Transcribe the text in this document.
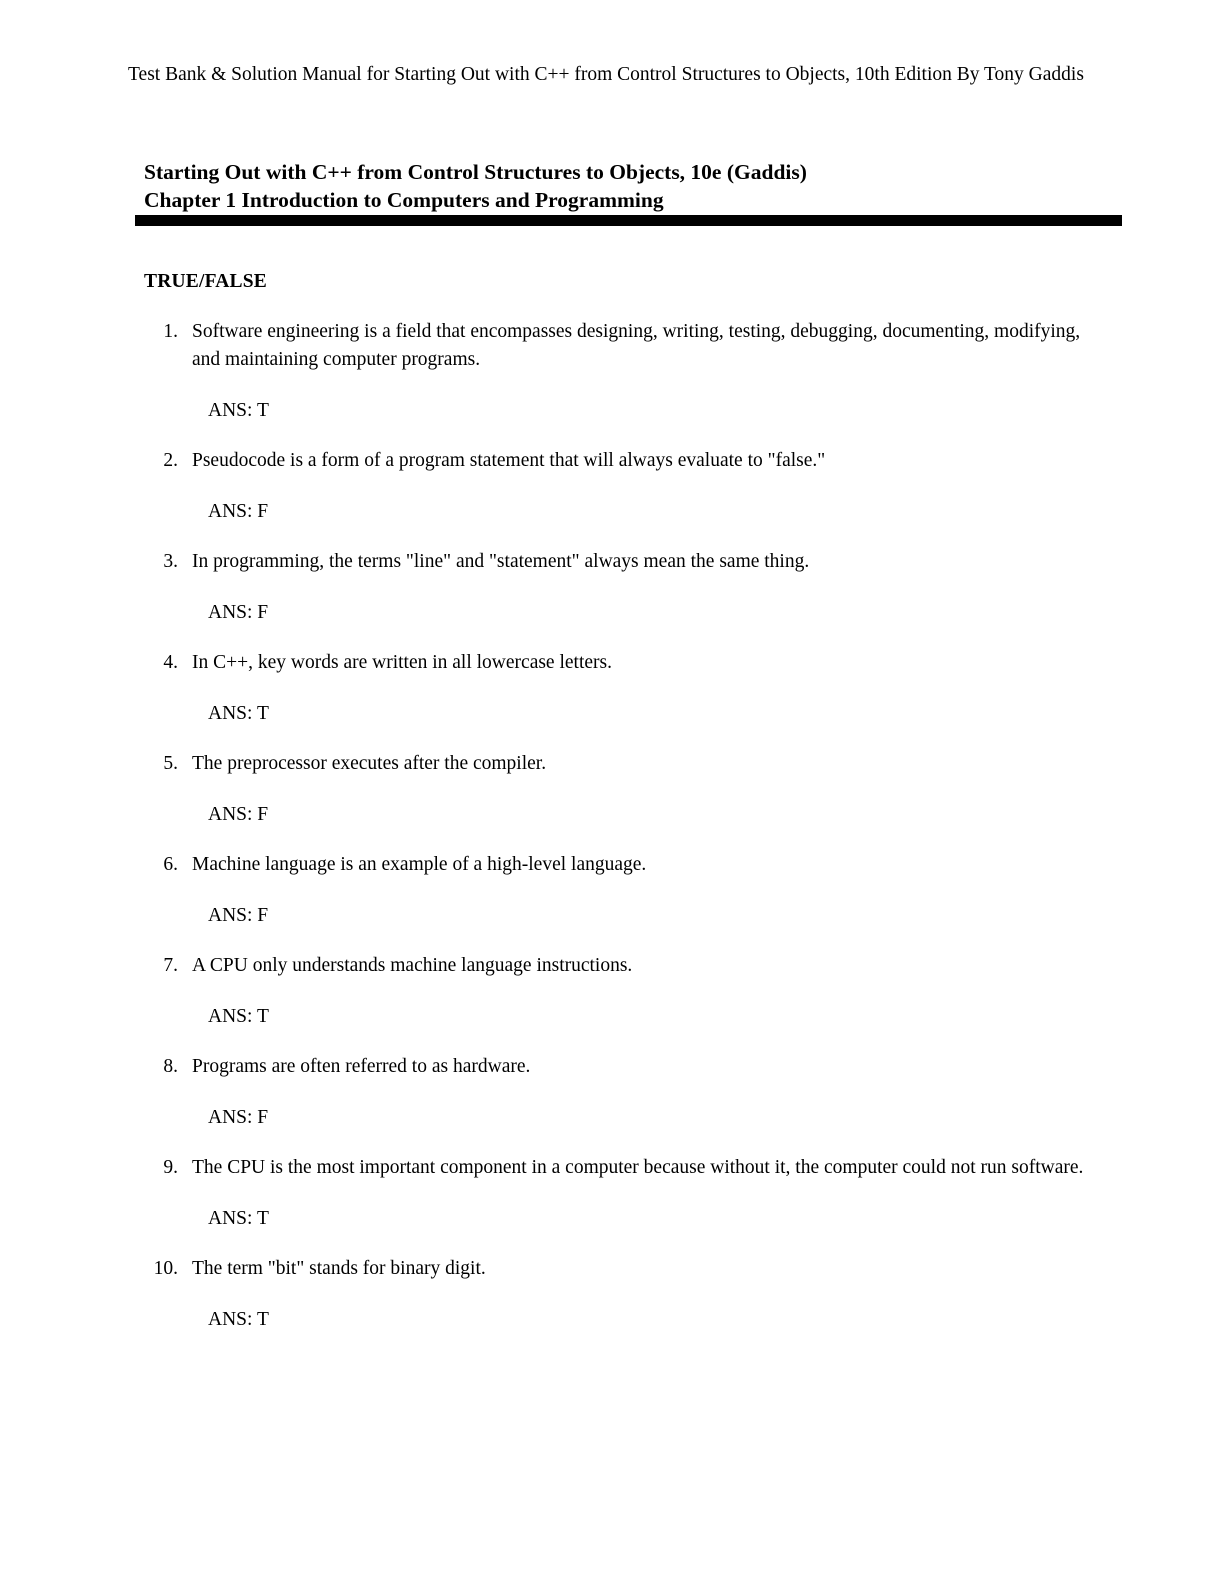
Test Bank & Solution Manual for Starting Out with C++ from Control Structures to Objects, 10th Edition By Tony Gaddis
Starting Out with C++ from Control Structures to Objects, 10e (Gaddis)
Chapter 1 Introduction to Computers and Programming
TRUE/FALSE
1. Software engineering is a field that encompasses designing, writing, testing, debugging, documenting, modifying, and maintaining computer programs.
ANS: T
2. Pseudocode is a form of a program statement that will always evaluate to "false."
ANS: F
3. In programming, the terms "line" and "statement" always mean the same thing.
ANS: F
4. In C++, key words are written in all lowercase letters.
ANS: T
5. The preprocessor executes after the compiler.
ANS: F
6. Machine language is an example of a high-level language.
ANS: F
7. A CPU only understands machine language instructions.
ANS: T
8. Programs are often referred to as hardware.
ANS: F
9. The CPU is the most important component in a computer because without it, the computer could not run software.
ANS: T
10. The term "bit" stands for binary digit.
ANS: T
